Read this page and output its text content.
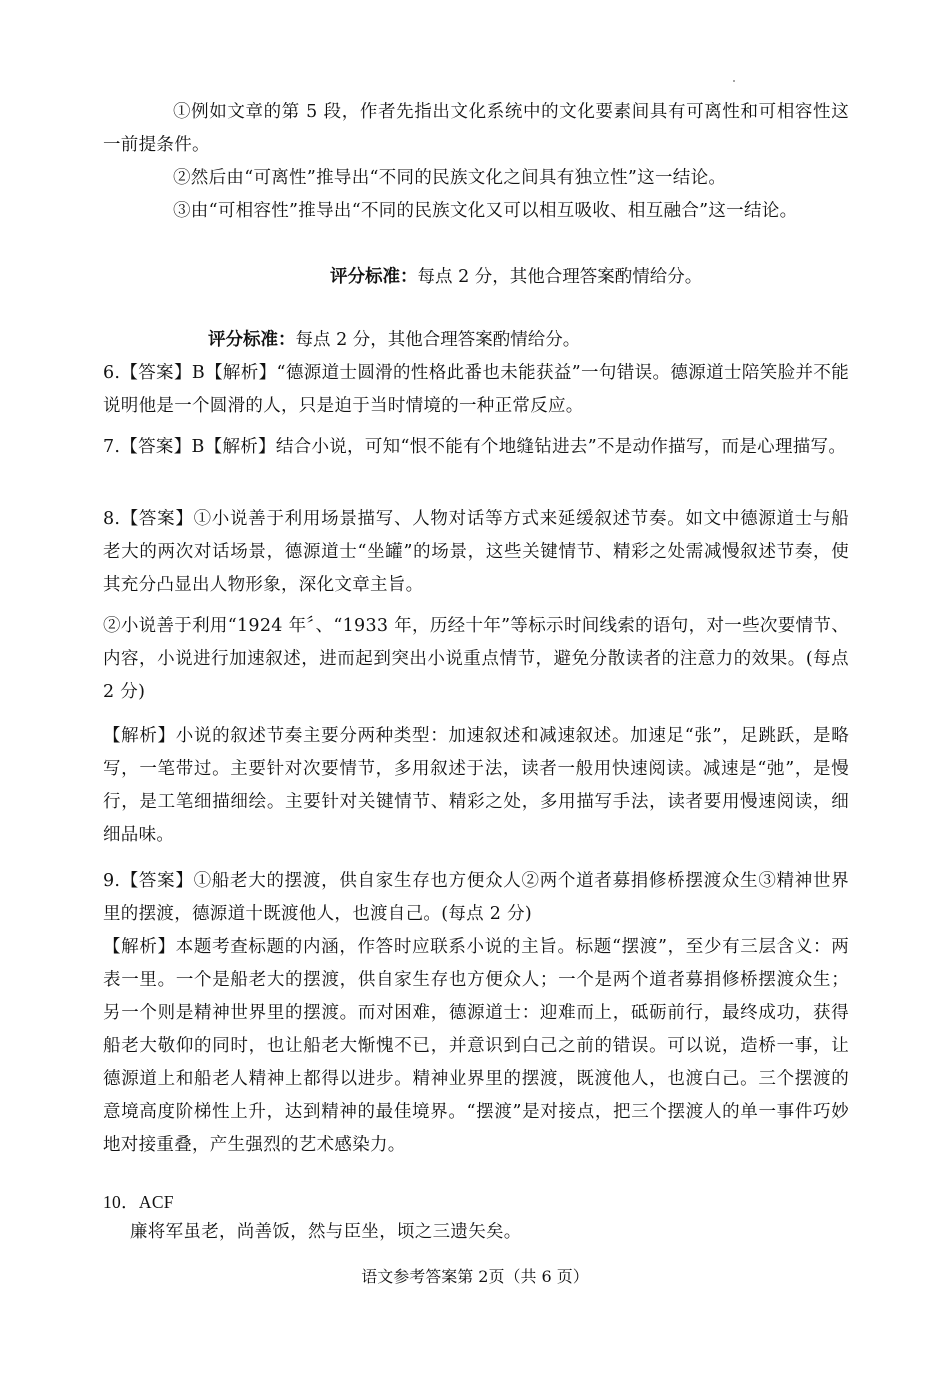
①例如文章的第 5 段，作者先指出文化系统中的文化要素间具有可离性和可相容性这一前提条件。

②然后由“可离性”推导出“不同的民族文化之间具有独立性”这一结论。

③由“可相容性”推导出“不同的民族文化又可以相互吸收、相互融合”这一结论。

评分标准：每点 2 分，其他合理答案酌情给分。
评分标准：每点 2 分，其他合理答案酌情给分。

6.【答案】B【解析】“德源道士圆滑的性格此番也未能获益”一句错误。德源道士陪笑脸并不能说明他是一个圆滑的人，只是迫于当时情境的一种正常反应。

7.【答案】B【解析】结合小说，可知“恨不能有个地缝钻进去”不是动作描写，而是心理描写。

8.【答案】①小说善于利用场景描写、人物对话等方式来延缓叙述节奏。如文中德源道士与船老大的两次对话场景，德源道士“坐罐”的场景，这些关键情节、精彩之处需减慢叙述节奏，使其充分凸显出人物形象，深化文章主旨。

②小说善于利用“1924 年〞、“1933 年，历经十年”等标示时间线索的语句，对一些次要情节、内容，小说进行加速叙述，进而起到突出小说重点情节，避免分散读者的注意力的效果。(每点 2 分)

【解析】小说的叙述节奏主要分两种类型：加速叙述和减速叙述。加速足“张”，足跳跃，是略写，一笔带过。主要针对次要情节，多用叙述于法，读者一般用快速阅读。减速是“弛”，是慢行，是工笔细描细绘。主要针对关键情节、精彩之处，多用描写手法，读者要用慢速阅读，细细品味。

9.【答案】①船老大的摆渡，供自家生存也方便众人②两个道者募捐修桥摆渡众生③精神世界里的摆渡，德源道十既渡他人，也渡自己。(每点 2 分)

【解析】本题考查标题的内涵，作答时应联系小说的主旨。标题“摆渡”，至少有三层含义：两表一里。一个是船老大的摆渡，供自家生存也方便众人；一个是两个道者募捐修桥摆渡众生；另一个则是精神世界里的摆渡。而对困难，德源道士：迎难而上，砥砺前行，最终成功，获得船老大敬仰的同时，也让船老大惭愧不已，并意识到白己之前的错误。可以说，造桥一事，让德源道上和船老人精神上都得以进步。精神业界里的摆渡，既渡他人，也渡白己。三个摆渡的意境高度阶梯性上升，达到精神的最佳境界。“摆渡”是对接点，把三个摆渡人的单一事件巧妙地对接重叠，产生强烈的艺术感染力。

10．ACF

廉将军虽老，尚善饭，然与臣坐，顷之三遗矢矣。

语文参考答案第 2页（共 6 页）
